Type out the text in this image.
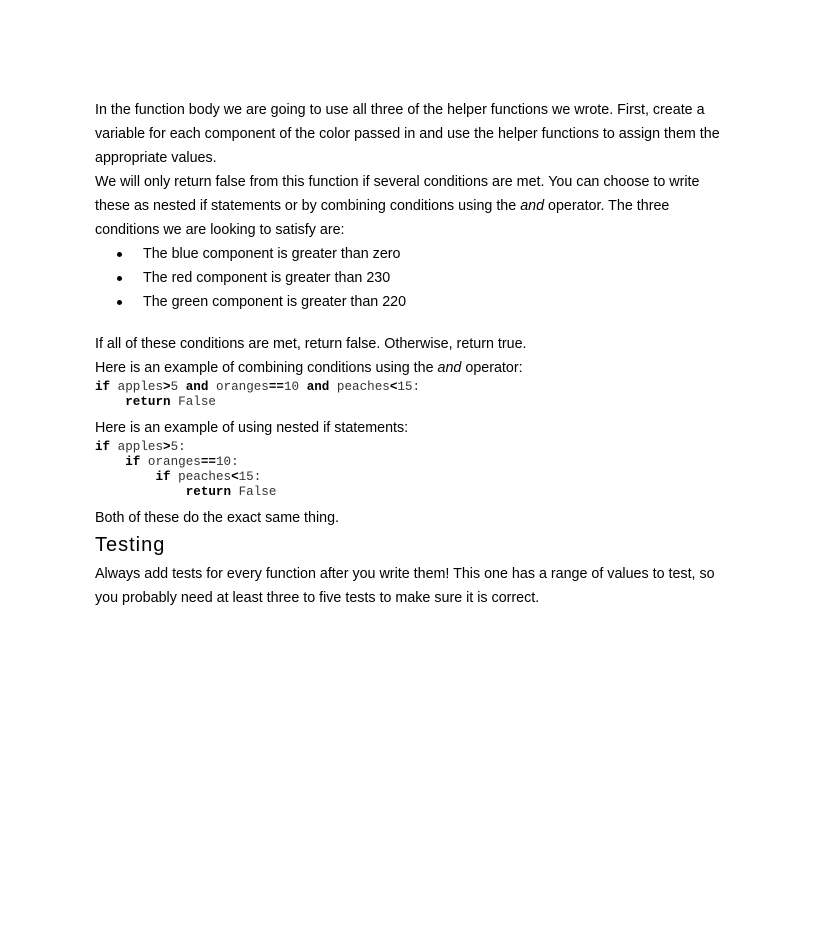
In the function body we are going to use all three of the helper functions we wrote. First, create a variable for each component of the color passed in and use the helper functions to assign them the appropriate values.

We will only return false from this function if several conditions are met. You can choose to write these as nested if statements or by combining conditions using the and operator. The three conditions we are looking to satisfy are:

The blue component is greater than zero
The red component is greater than 230
The green component is greater than 220

If all of these conditions are met, return false. Otherwise, return true.

Here is an example of combining conditions using the and operator:

if apples>5 and oranges==10 and peaches<15:
return False

Here is an example of using nested if statements:

if apples>5:
if oranges==10:
if peaches<15:
return False

Both of these do the exact same thing.

Testing

Always add tests for every function after you write them! This one has a range of values to test, so you probably need at least three to five tests to make sure it is correct.
